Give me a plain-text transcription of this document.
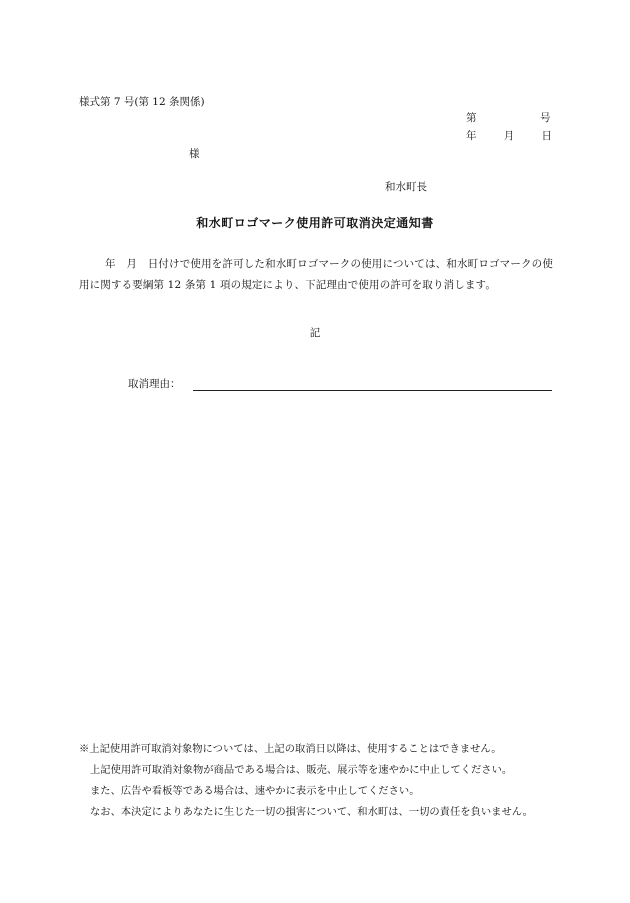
様式第 7 号(第 12 条関係)
第	号
年	月	日
様
和水町長
和水町ロゴマーク使用許可取消決定通知書
年　月　日付けで使用を許可した和水町ロゴマークの使用については、和水町ロゴマークの使用に関する要綱第 12 条第 1 項の規定により、下記理由で使用の許可を取り消します。
記
取消理由：
※上記使用許可取消対象物については、上記の取消日以降は、使用することはできません。
上記使用許可取消対象物が商品である場合は、販売、展示等を速やかに中止してください。
また、広告や看板等である場合は、速やかに表示を中止してください。
なお、本決定によりあなたに生じた一切の損害について、和水町は、一切の責任を負いません。
